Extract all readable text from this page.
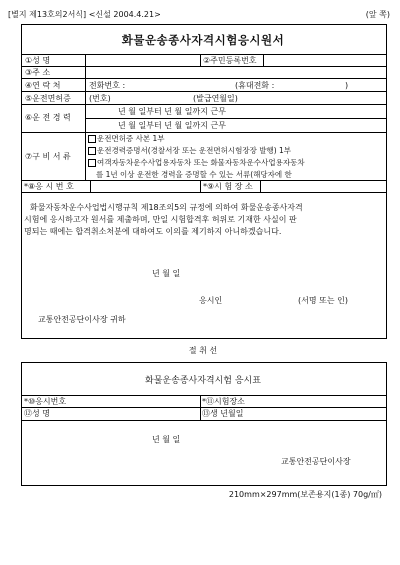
[별지 제13호의2서식] <신설 2004.4.21>	(앞 쪽)
화물운송종사자격시험응시원서
①성 명	②주민등록번호
③주 소
④연 락 처	전화번호 :	(휴대전화 :	)
⑤운전면허증 (번호)	(발급연월일)
⑥운 전 경 력
년 월 일부터 년 월 일까지 근무
년 월 일부터 년 월 일까지 근무
⑦구 비 서 류
운전면허증 사본 1부
운전경력증명서(경찰서장 또는 운전면허시험장장 발행) 1부
여객자동차운수사업용자동차 또는 화물자동차운수사업용자동차
를 1년 이상 운전한 경력을 증명할 수 있는 서류(해당자에 한
*⑧응 시 번 호	*⑨시 험 장 소
화물자동차운수사업법시행규칙 제18조의5의 규정에 의하여 화물운송종사자격
시험에 응시하고자 원서를 제출하며, 만일 시험합격후 허위로 기재한 사실이 판
명되는 때에는 합격취소처분에 대하여도 이의를 제기하지 아니하겠습니다.
년 월 일
응시인	(서명 또는 인)
교통안전공단이사장 귀하
절 취 선
화물운송종사자격시험 응시표
*⑩응시번호	*⑪시험장소
⑫성 명	⑬생 년월일
년 월 일
교통안전공단이사장
210mm×297mm(보존용지(1종) 70g/㎡)
